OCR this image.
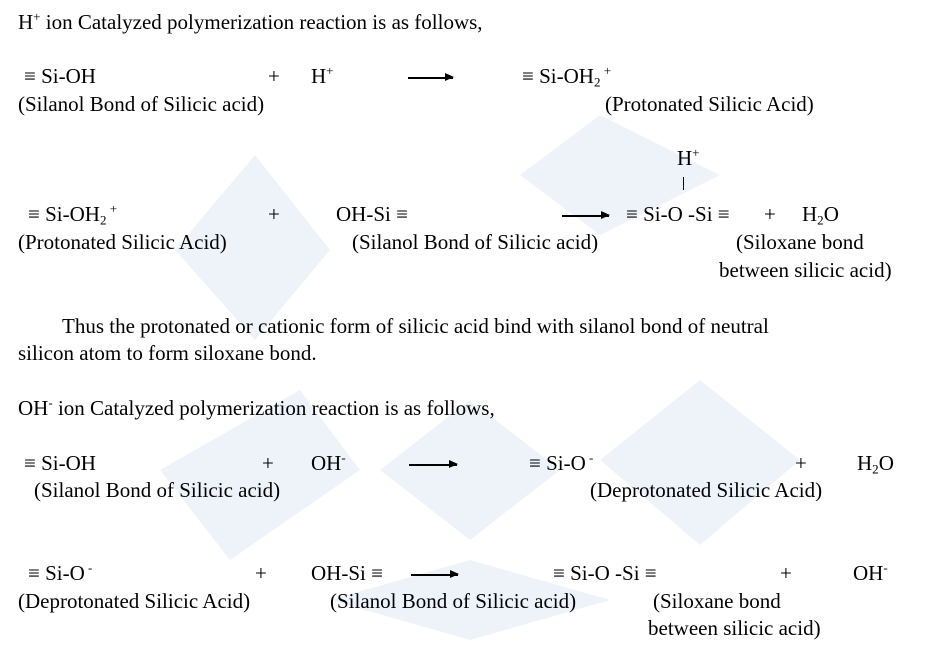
H+ ion Catalyzed polymerization reaction is as follows,
≡ Si-OH	+ H+	≡ $Si-OH_2$ +
(Silanol Bond of Silicic acid)	(Protonated Silicic Acid)
H+
≡ $Si-OH_2$ +	+	OH-Si ≡	≡ Si-O -Si ≡ + $H_2O$
(Protonated Silicic Acid)	(Silanol Bond of Silicic acid)	(Siloxane bond
between silicic acid)
Thus the protonated or cationic form of silicic acid bind with silanol bond of neutral
silicon atom to form siloxane bond.
OH- ion Catalyzed polymerization reaction is as follows,
≡ Si-OH	+ OH-	≡ Si-O -	+ $H_2O$
(Silanol Bond of Silicic acid)	(Deprotonated Silicic Acid)
≡ Si-O -	+ OH-Si ≡	≡ Si-O -Si ≡	+	OH-
(Deprotonated Silicic Acid)	(Silanol Bond of Silicic acid)	(Siloxane bond
between silicic acid)
